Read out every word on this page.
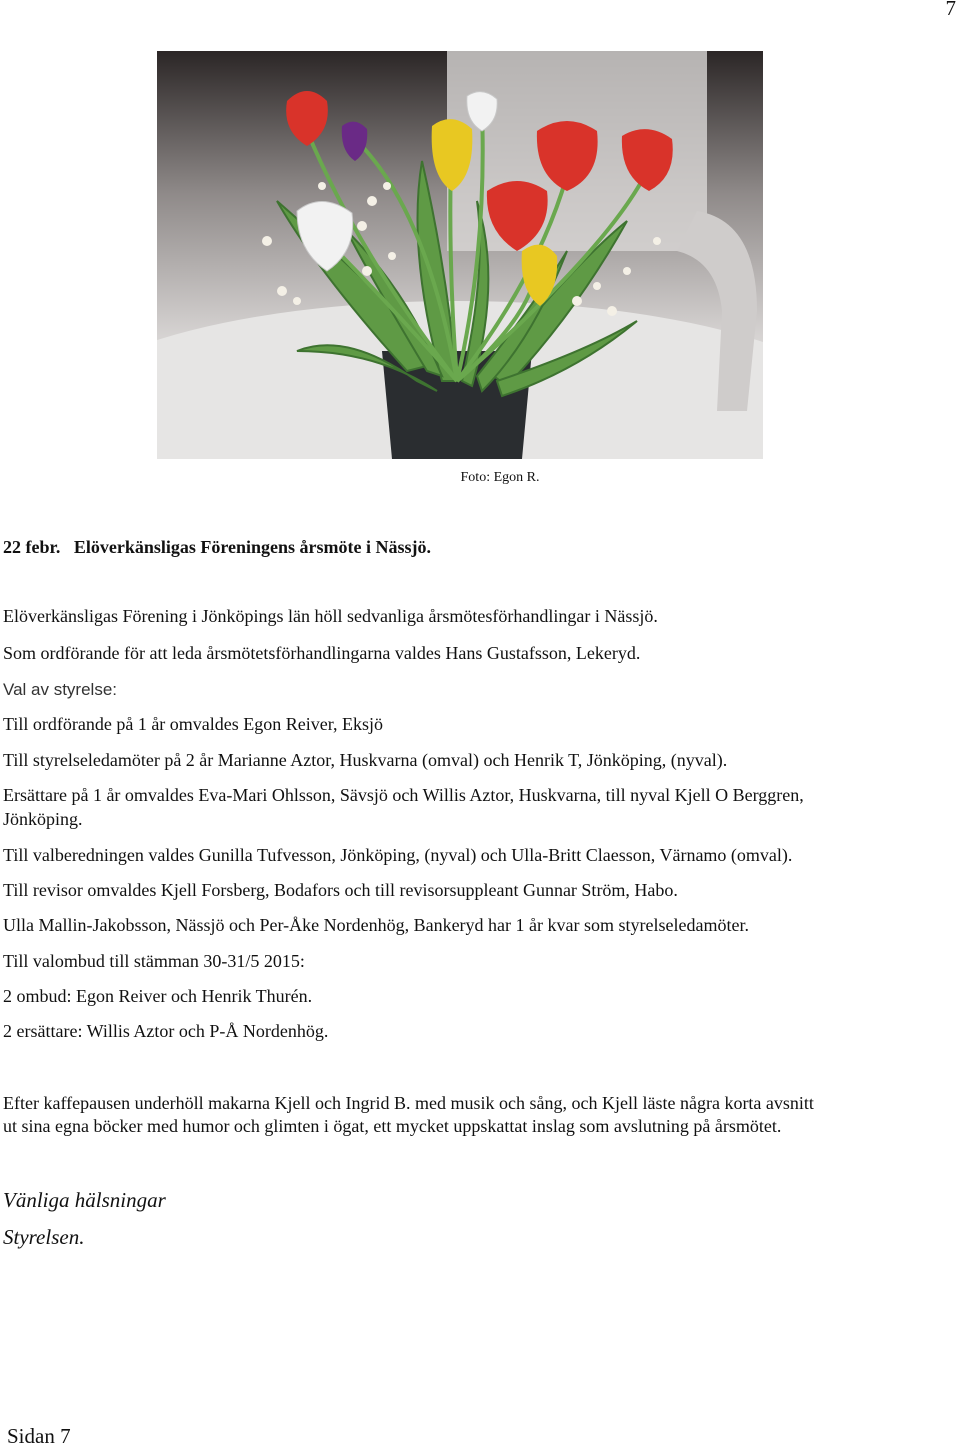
7
Foto: Egon R.
22 febr.   Elöverkänsligas Föreningens årsmöte i Nässjö.
Elöverkänsligas Förening i Jönköpings län höll sedvanliga årsmötesförhandlingar i Nässjö.
Som ordförande för att leda årsmötetsförhandlingarna valdes Hans Gustafsson, Lekeryd.
Val av styrelse:
Till ordförande på 1 år omvaldes Egon Reiver, Eksjö
Till styrelseledamöter på 2 år Marianne Aztor, Huskvarna (omval) och Henrik T, Jönköping, (nyval).
Ersättare på 1 år omvaldes Eva-Mari Ohlsson, Sävsjö och Willis Aztor, Huskvarna, till nyval Kjell O Berggren,
Jönköping.
Till valberedningen valdes Gunilla Tufvesson, Jönköping, (nyval) och Ulla-Britt Claesson, Värnamo (omval).
Till revisor omvaldes Kjell Forsberg, Bodafors och till revisorsuppleant Gunnar Ström, Habo.
Ulla Mallin-Jakobsson, Nässjö och Per-Åke Nordenhög, Bankeryd har 1 år kvar som styrelseledamöter.
Till valombud till stämman 30-31/5 2015:
2 ombud: Egon Reiver och Henrik Thurén.
2 ersättare: Willis Aztor och P-Å Nordenhög.
Efter kaffepausen underhöll makarna Kjell och Ingrid B. med musik och sång, och Kjell läste några korta avsnitt
ut sina egna böcker med humor och glimten i ögat, ett mycket uppskattat inslag som avslutning på årsmötet.
Vänliga hälsningar
Styrelsen.
Sidan 7
